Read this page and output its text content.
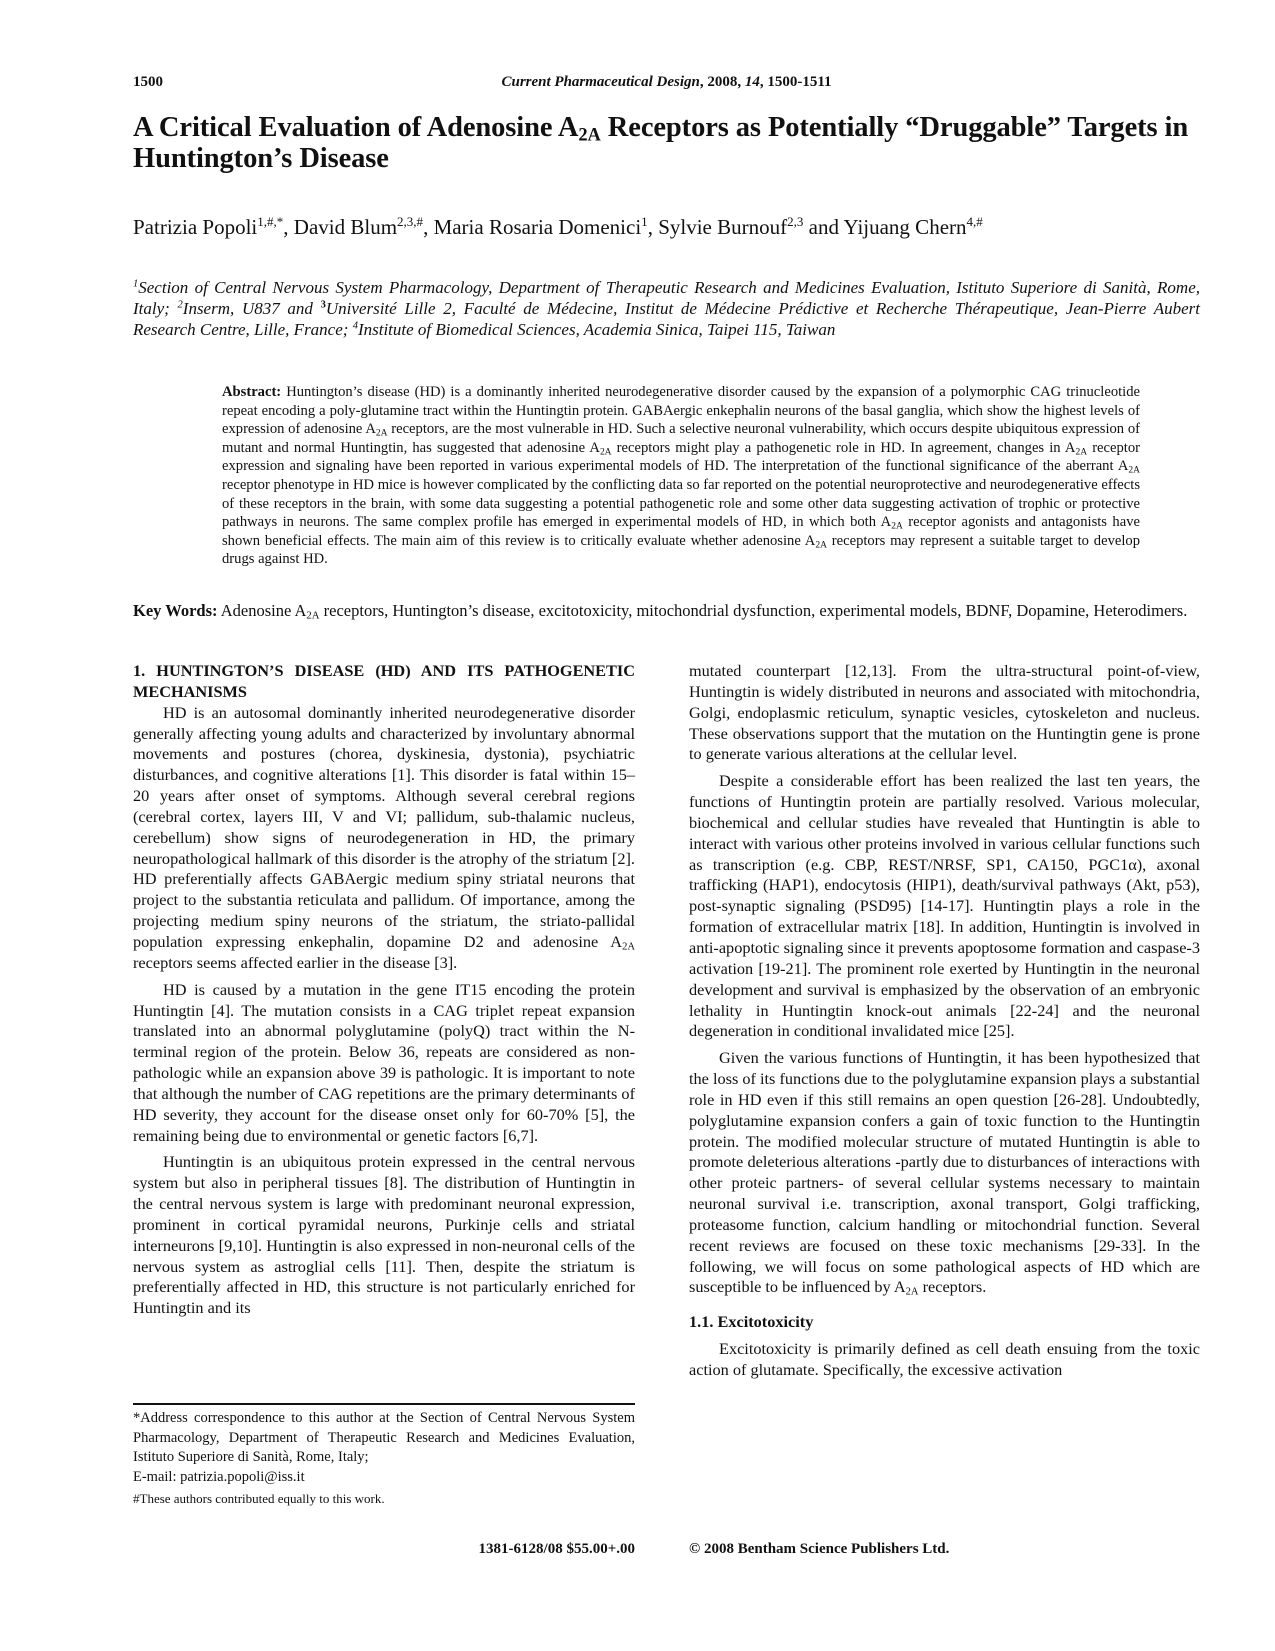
1500	Current Pharmaceutical Design, 2008, 14, 1500-1511
A Critical Evaluation of Adenosine $A_{2A}$ Receptors as Potentially “Druggable” Targets in Huntington’s Disease
Patrizia Popoli$^{1,\#,*}$, David Blum$^{2,3,\#}$, Maria Rosaria Domenici$^1$, Sylvie Burnouf$^{2,3}$ and Yijuang Chern$^{4,\#}$
$^1$Section of Central Nervous System Pharmacology, Department of Therapeutic Research and Medicines Evaluation, Istituto Superiore di Sanità, Rome, Italy; $^2$Inserm, U837 and $^3$Université Lille 2, Faculté de Médecine, Institut de Médecine Prédictive et Recherche Thérapeutique, Jean-Pierre Aubert Research Centre, Lille, France; $^4$Institute of Biomedical Sciences, Academia Sinica, Taipei 115, Taiwan
Abstract: Huntington’s disease (HD) is a dominantly inherited neurodegenerative disorder caused by the expansion of a polymorphic CAG trinucleotide repeat encoding a poly-glutamine tract within the Huntingtin protein. GABAergic enkephalin neurons of the basal ganglia, which show the highest levels of expression of adenosine $A_{2A}$ receptors, are the most vulnerable in HD. Such a selective neuronal vulnerability, which occurs despite ubiquitous expression of mutant and normal Huntingtin, has suggested that adenosine $A_{2A}$ receptors might play a pathogenetic role in HD. In agreement, changes in $A_{2A}$ receptor expression and signaling have been reported in various experimental models of HD. The interpretation of the functional significance of the aberrant $A_{2A}$ receptor phenotype in HD mice is however complicated by the conflicting data so far reported on the potential neuroprotective and neurodegenerative effects of these receptors in the brain, with some data suggesting a potential pathogenetic role and some other data suggesting activation of trophic or protective pathways in neurons. The same complex profile has emerged in experimental models of HD, in which both $A_{2A}$ receptor agonists and antagonists have shown beneficial effects. The main aim of this review is to critically evaluate whether adenosine $A_{2A}$ receptors may represent a suitable target to develop drugs against HD.
Key Words: Adenosine $A_{2A}$ receptors, Huntington’s disease, excitotoxicity, mitochondrial dysfunction, experimental models, BDNF, Dopamine, Heterodimers.
1. HUNTINGTON’S DISEASE (HD) AND ITS PATHOGENETIC MECHANISMS

HD is an autosomal dominantly inherited neurodegenerative disorder generally affecting young adults and characterized by involuntary abnormal movements and postures (chorea, dyskinesia, dystonia), psychiatric disturbances, and cognitive alterations [1]. This disorder is fatal within 15–20 years after onset of symptoms. Although several cerebral regions (cerebral cortex, layers III, V and VI; pallidum, sub-thalamic nucleus, cerebellum) show signs of neurodegeneration in HD, the primary neuropathological hallmark of this disorder is the atrophy of the striatum [2]. HD preferentially affects GABAergic medium spiny striatal neurons that project to the substantia reticulata and pallidum. Of importance, among the projecting medium spiny neurons of the striatum, the striato-pallidal population expressing enkephalin, dopamine D2 and adenosine $A_{2A}$ receptors seems affected earlier in the disease [3].

HD is caused by a mutation in the gene IT15 encoding the protein Huntingtin [4]. The mutation consists in a CAG triplet repeat expansion translated into an abnormal polyglutamine (polyQ) tract within the N-terminal region of the protein. Below 36, repeats are considered as non-pathologic while an expansion above 39 is pathologic. It is important to note that although the number of CAG repetitions are the primary determinants of HD severity, they account for the disease onset only for 60-70% [5], the remaining being due to environmental or genetic factors [6,7].

Huntingtin is an ubiquitous protein expressed in the central nervous system but also in peripheral tissues [8]. The distribution of Huntingtin in the central nervous system is large with predominant neuronal expression, prominent in cortical pyramidal neurons, Purkinje cells and striatal interneurons [9,10]. Huntingtin is also expressed in non-neuronal cells of the nervous system as astroglial cells [11]. Then, despite the striatum is preferentially affected in HD, this structure is not particularly enriched for Huntingtin and its

mutated counterpart [12,13]. From the ultra-structural point-of-view, Huntingtin is widely distributed in neurons and associated with mitochondria, Golgi, endoplasmic reticulum, synaptic vesicles, cytoskeleton and nucleus. These observations support that the mutation on the Huntingtin gene is prone to generate various alterations at the cellular level.

Despite a considerable effort has been realized the last ten years, the functions of Huntingtin protein are partially resolved. Various molecular, biochemical and cellular studies have revealed that Huntingtin is able to interact with various other proteins involved in various cellular functions such as transcription (e.g. CBP, REST/NRSF, SP1, CA150, PGC1α), axonal trafficking (HAP1), endocytosis (HIP1), death/survival pathways (Akt, p53), post-synaptic signaling (PSD95) [14-17]. Huntingtin plays a role in the formation of extracellular matrix [18]. In addition, Huntingtin is involved in anti-apoptotic signaling since it prevents apoptosome formation and caspase-3 activation [19-21]. The prominent role exerted by Huntingtin in the neuronal development and survival is emphasized by the observation of an embryonic lethality in Huntingtin knock-out animals [22-24] and the neuronal degeneration in conditional invalidated mice [25].

Given the various functions of Huntingtin, it has been hypothesized that the loss of its functions due to the polyglutamine expansion plays a substantial role in HD even if this still remains an open question [26-28]. Undoubtedly, polyglutamine expansion confers a gain of toxic function to the Huntingtin protein. The modified molecular structure of mutated Huntingtin is able to promote deleterious alterations -partly due to disturbances of interactions with other proteic partners- of several cellular systems necessary to maintain neuronal survival i.e. transcription, axonal transport, Golgi trafficking, proteasome function, calcium handling or mitochondrial function. Several recent reviews are focused on these toxic mechanisms [29-33]. In the following, we will focus on some pathological aspects of HD which are susceptible to be influenced by $A_{2A}$ receptors.

1.1. Excitotoxicity

Excitotoxicity is primarily defined as cell death ensuing from the toxic action of glutamate. Specifically, the excessive activation

*Address correspondence to this author at the Section of Central Nervous System Pharmacology, Department of Therapeutic Research and Medicines Evaluation, Istituto Superiore di Sanità, Rome, Italy;
E-mail: patrizia.popoli@iss.it
#These authors contributed equally to this work.
1381-6128/08 $55.00+.00	© 2008 Bentham Science Publishers Ltd.
